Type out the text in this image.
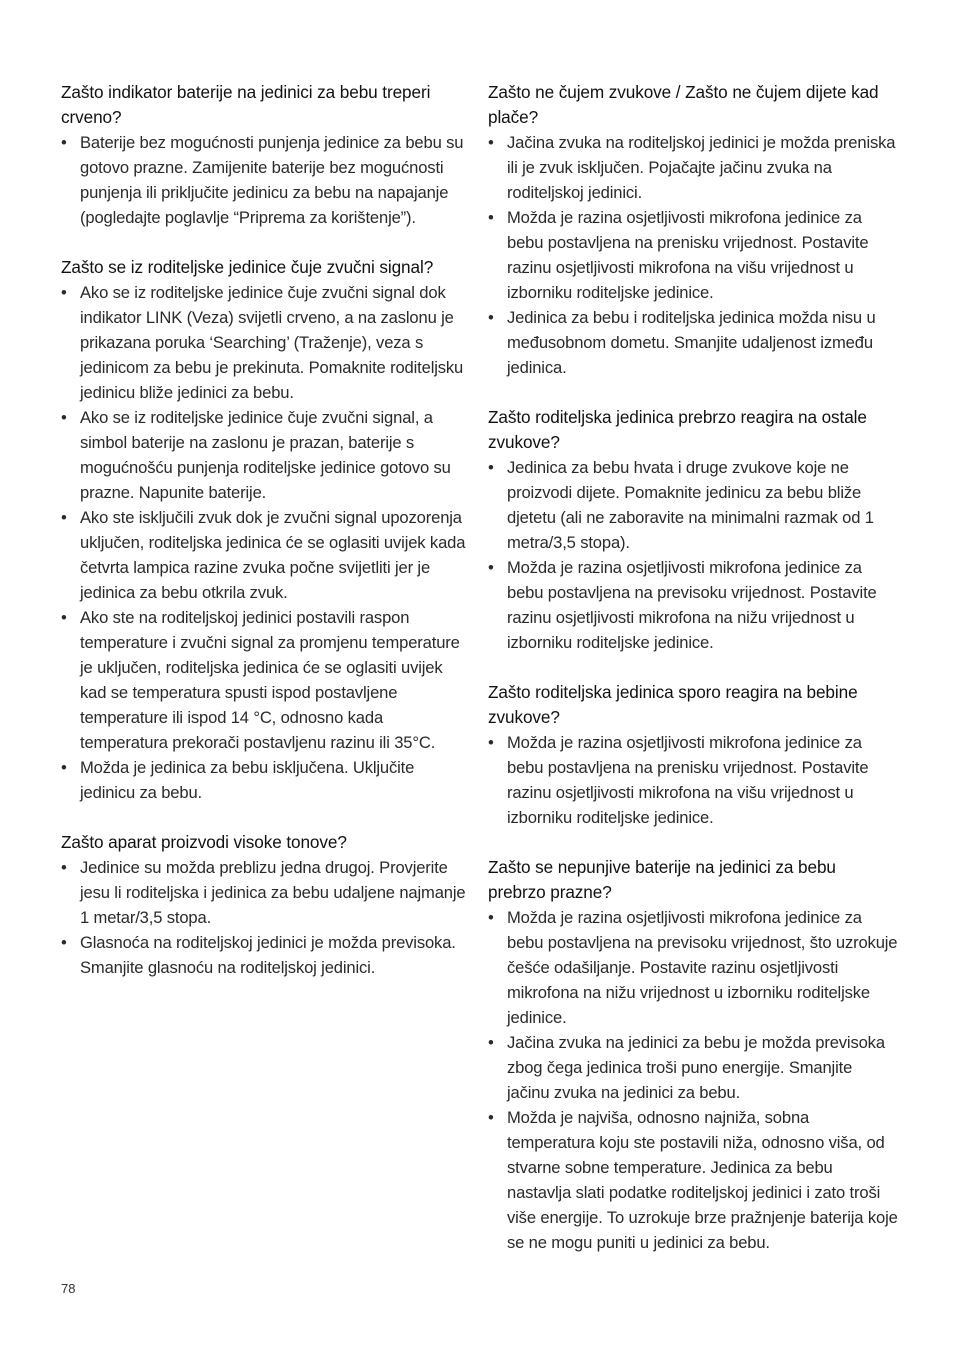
Zašto indikator baterije na jedinici za bebu treperi crveno?

• Baterije bez mogućnosti punjenja jedinice za bebu su gotovo prazne. Zamijenite baterije bez mogućnosti punjenja ili priključite jedinicu za bebu na napajanje (pogledajte poglavlje “Priprema za korištenje”).

Zašto se iz roditeljske jedinice čuje zvučni signal?

• Ako se iz roditeljske jedinice čuje zvučni signal dok indikator LINK (Veza) svijetli crveno, a na zaslonu je prikazana poruka ‘Searching’ (Traženje), veza s jedinicom za bebu je prekinuta. Pomaknite roditeljsku jedinicu bliže jedinici za bebu.
• Ako se iz roditeljske jedinice čuje zvučni signal, a simbol baterije na zaslonu je prazan, baterije s mogućnošću punjenja roditeljske jedinice gotovo su prazne. Napunite baterije.
• Ako ste isključili zvuk dok je zvučni signal upozorenja uključen, roditeljska jedinica će se oglasiti uvijek kada četvrta lampica razine zvuka počne svijetliti jer je jedinica za bebu otkrila zvuk.
• Ako ste na roditeljskoj jedinici postavili raspon temperature i zvučni signal za promjenu temperature je uključen, roditeljska jedinica će se oglasiti uvijek kad se temperatura spusti ispod postavljene temperature ili ispod 14 °C, odnosno kada temperatura prekorači postavljenu razinu ili 35°C.
• Možda je jedinica za bebu isključena. Uključite jedinicu za bebu.

Zašto aparat proizvodi visoke tonove?

• Jedinice su možda preblizu jedna drugoj. Provjerite jesu li roditeljska i jedinica za bebu udaljene najmanje 1 metar/3,5 stopa.
• Glasnoća na roditeljskoj jedinici je možda previsoka. Smanjite glasnoću na roditeljskoj jedinici.

Zašto ne čujem zvukove / Zašto ne čujem dijete kad plače?

• Jačina zvuka na roditeljskoj jedinici je možda preniska ili je zvuk isključen. Pojačajte jačinu zvuka na roditeljskoj jedinici.
• Možda je razina osjetljivosti mikrofona jedinice za bebu postavljena na prenisku vrijednost. Postavite razinu osjetljivosti mikrofona na višu vrijednost u izborniku roditeljske jedinice.
• Jedinica za bebu i roditeljska jedinica možda nisu u međusobnom dometu. Smanjite udaljenost između jedinica.

Zašto roditeljska jedinica prebrzo reagira na ostale zvukove?

• Jedinica za bebu hvata i druge zvukove koje ne proizvodi dijete. Pomaknite jedinicu za bebu bliže djetetu (ali ne zaboravite na minimalni razmak od 1 metra/3,5 stopa).
• Možda je razina osjetljivosti mikrofona jedinice za bebu postavljena na previsoku vrijednost. Postavite razinu osjetljivosti mikrofona na nižu vrijednost u izborniku roditeljske jedinice.

Zašto roditeljska jedinica sporo reagira na bebine zvukove?

• Možda je razina osjetljivosti mikrofona jedinice za bebu postavljena na prenisku vrijednost. Postavite razinu osjetljivosti mikrofona na višu vrijednost u izborniku roditeljske jedinice.

Zašto se nepunjive baterije na jedinici za bebu prebrzo prazne?

• Možda je razina osjetljivosti mikrofona jedinice za bebu postavljena na previsoku vrijednost, što uzrokuje češće odašiljanje. Postavite razinu osjetljivosti mikrofona na nižu vrijednost u izborniku roditeljske jedinice.
• Jačina zvuka na jedinici za bebu je možda previsoka zbog čega jedinica troši puno energije. Smanjite jačinu zvuka na jedinici za bebu.
• Možda je najviša, odnosno najniža, sobna temperatura koju ste postavili niža, odnosno viša, od stvarne sobne temperature. Jedinica za bebu nastavlja slati podatke roditeljskoj jedinici i zato troši više energije. To uzrokuje brze pražnjenje baterija koje se ne mogu puniti u jedinici za bebu.
78
